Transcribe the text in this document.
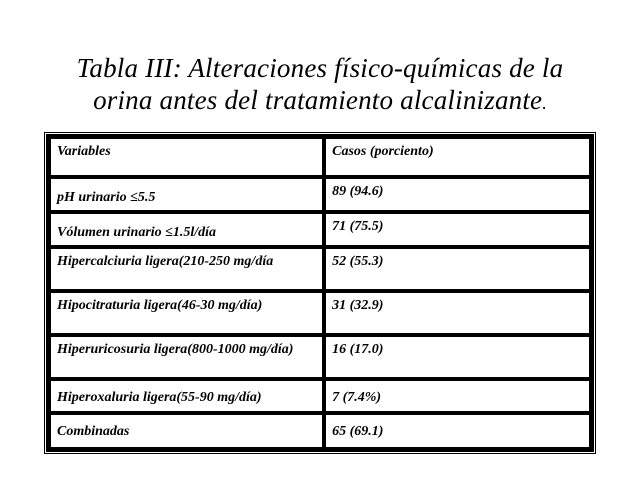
Tabla III: Alteraciones físico-químicas de la
orina antes del tratamiento alcalinizante.
Variables	Casos (porciento)
pH urinario ≤5.5	89 (94.6)
Vólumen urinario ≤1.5l/día	71 (75.5)
Hipercalciuria ligera(210-250 mg/día	52 (55.3)
Hipocitraturia ligera(46-30 mg/día)	31 (32.9)
Hiperuricosuria ligera(800-1000 mg/día)	16 (17.0)
Hiperoxaluria ligera(55-90 mg/día)	7 (7.4%)
Combinadas	65 (69.1)
